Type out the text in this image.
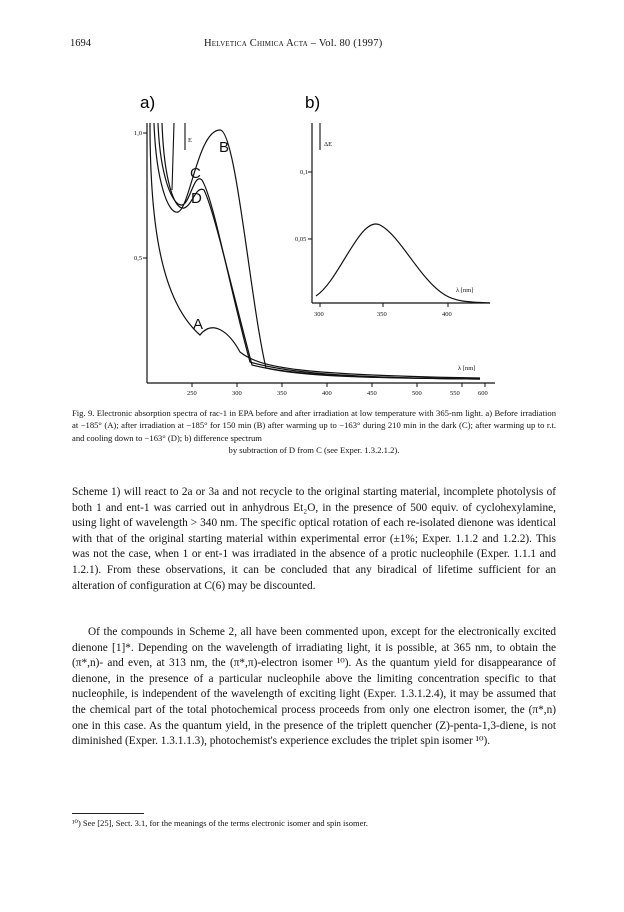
1694	Helvetica Chimica Acta – Vol. 80 (1997)
a)	b)
A
B
C
D
1,0
0,5
E
250	300	350	400	450	500	550	600
λ [nm]
0,1
0,05
ΔE
300	350	400
λ [nm]
Fig. 9. Electronic absorption spectra of rac-1 in EPA before and after irradiation at low temperature with 365-nm light. a) Before irradiation at −185° (A); after irradiation at −185° for 150 min (B) after warming up to −163° during 210 min in the dark (C); after warming up to r.t. and cooling down to −163° (D); b) difference spectrum
by subtraction of D from C (see Exper. 1.3.2.1.2).
Scheme 1) will react to 2a or 3a and not recycle to the original starting material, incomplete photolysis of both 1 and ent-1 was carried out in anhydrous Et₂O, in the presence of 500 equiv. of cyclohexylamine, using light of wavelength > 340 nm. The specific optical rotation of each re-isolated dienone was identical with that of the original starting material within experimental error (±1%; Exper. 1.1.2 and 1.2.2). This was not the case, when 1 or ent-1 was irradiated in the absence of a protic nucleophile (Exper. 1.1.1 and 1.2.1). From these observations, it can be concluded that any biradical of lifetime sufficient for an alteration of configuration at C(6) may be discounted.
Of the compounds in Scheme 2, all have been commented upon, except for the electronically excited dienone [1]*. Depending on the wavelength of irradiating light, it is possible, at 365 nm, to obtain the (π*,n)- and even, at 313 nm, the (π*,π)-electron isomer ¹⁰). As the quantum yield for disappearance of dienone, in the presence of a particular nucleophile above the limiting concentration specific to that nucleophile, is independent of the wavelength of exciting light (Exper. 1.3.1.2.4), it may be assumed that the chemical part of the total photochemical process proceeds from only one electron isomer, the (π*,n) one in this case. As the quantum yield, in the presence of the triplett quencher (Z)-penta-1,3-diene, is not diminished (Exper. 1.3.1.1.3), photochemist's experience excludes the triplet spin isomer ¹⁰).
¹⁰) See [25], Sect. 3.1, for the meanings of the terms electronic isomer and spin isomer.
